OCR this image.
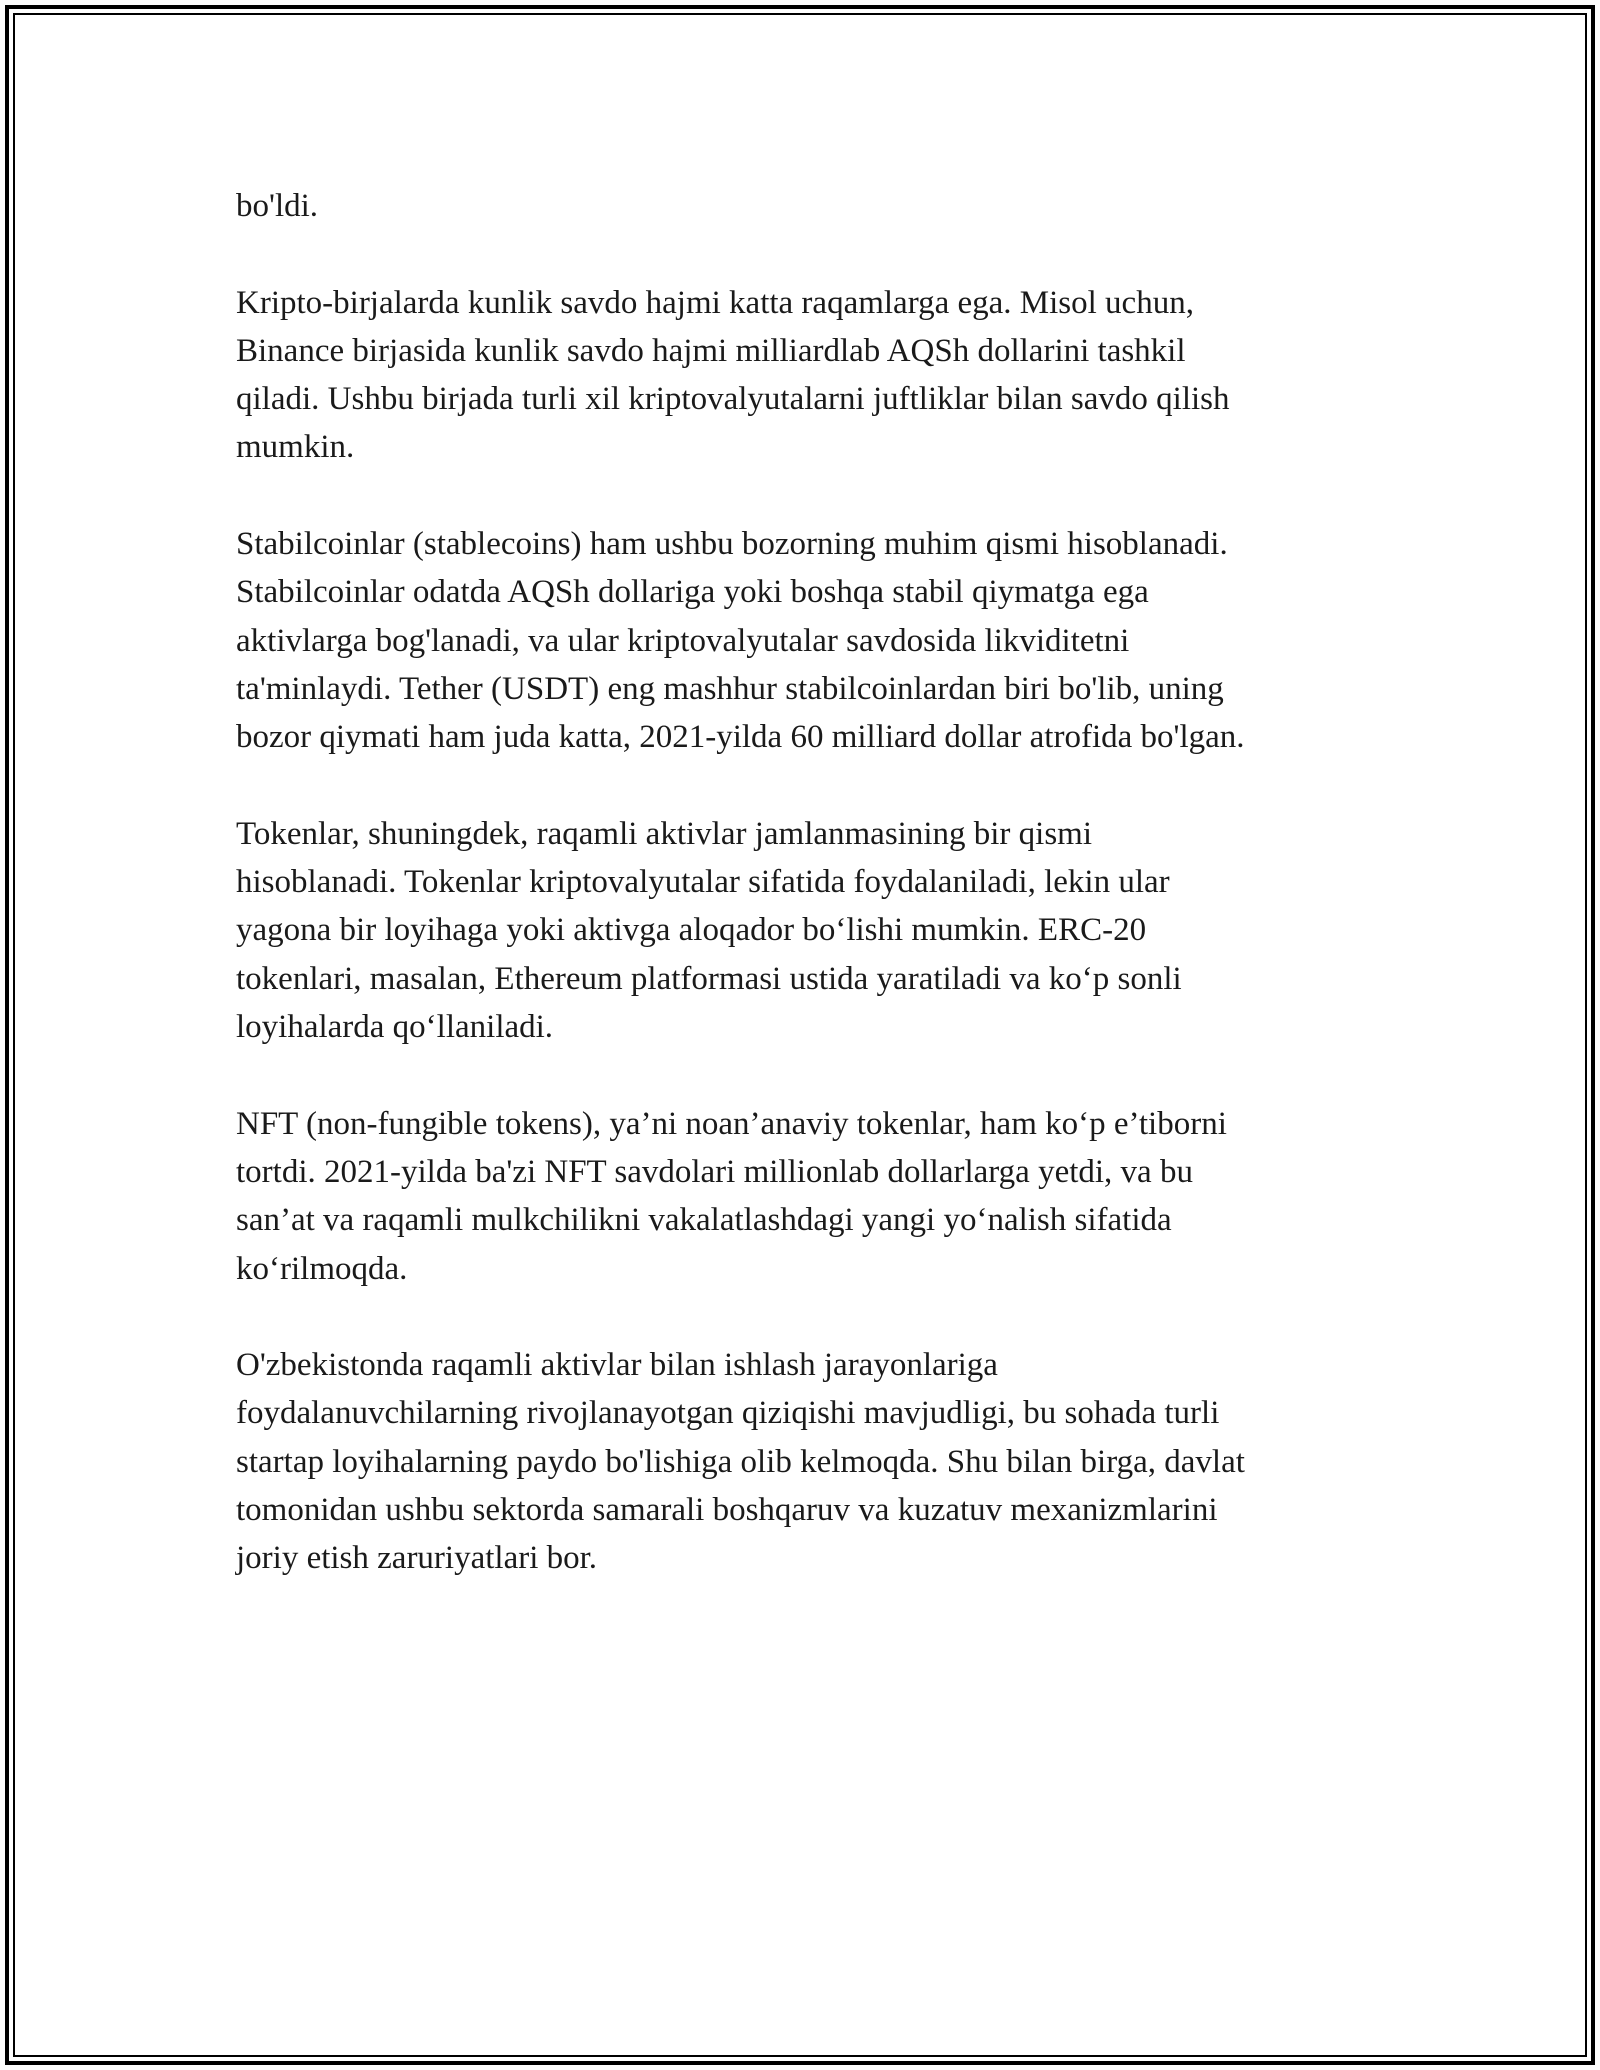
bo'ldi.

Kripto-birjalarda kunlik savdo hajmi katta raqamlarga ega. Misol uchun,
Binance birjasida kunlik savdo hajmi milliardlab AQSh dollarini tashkil
qiladi. Ushbu birjada turli xil kriptovalyutalarni juftliklar bilan savdo qilish
mumkin.

Stabilcoinlar (stablecoins) ham ushbu bozorning muhim qismi hisoblanadi.
Stabilcoinlar odatda AQSh dollariga yoki boshqa stabil qiymatga ega
aktivlarga bog'lanadi, va ular kriptovalyutalar savdosida likviditetni
ta'minlaydi. Tether (USDT) eng mashhur stabilcoinlardan biri bo'lib, uning
bozor qiymati ham juda katta, 2021-yilda 60 milliard dollar atrofida bo'lgan.

Tokenlar, shuningdek, raqamli aktivlar jamlanmasining bir qismi
hisoblanadi. Tokenlar kriptovalyutalar sifatida foydalaniladi, lekin ular
yagona bir loyihaga yoki aktivga aloqador bo‘lishi mumkin. ERC-20
tokenlari, masalan, Ethereum platformasi ustida yaratiladi va ko‘p sonli
loyihalarda qo‘llaniladi.

NFT (non-fungible tokens), ya’ni noan’anaviy tokenlar, ham ko‘p e’tiborni
tortdi. 2021-yilda ba'zi NFT savdolari millionlab dollarlarga yetdi, va bu
san’at va raqamli mulkchilikni vakalatlashdagi yangi yo‘nalish sifatida
ko‘rilmoqda.

O'zbekistonda raqamli aktivlar bilan ishlash jarayonlariga
foydalanuvchilarning rivojlanayotgan qiziqishi mavjudligi, bu sohada turli
startap loyihalarning paydo bo'lishiga olib kelmoqda. Shu bilan birga, davlat
tomonidan ushbu sektorda samarali boshqaruv va kuzatuv mexanizmlarini
joriy etish zaruriyatlari bor.
